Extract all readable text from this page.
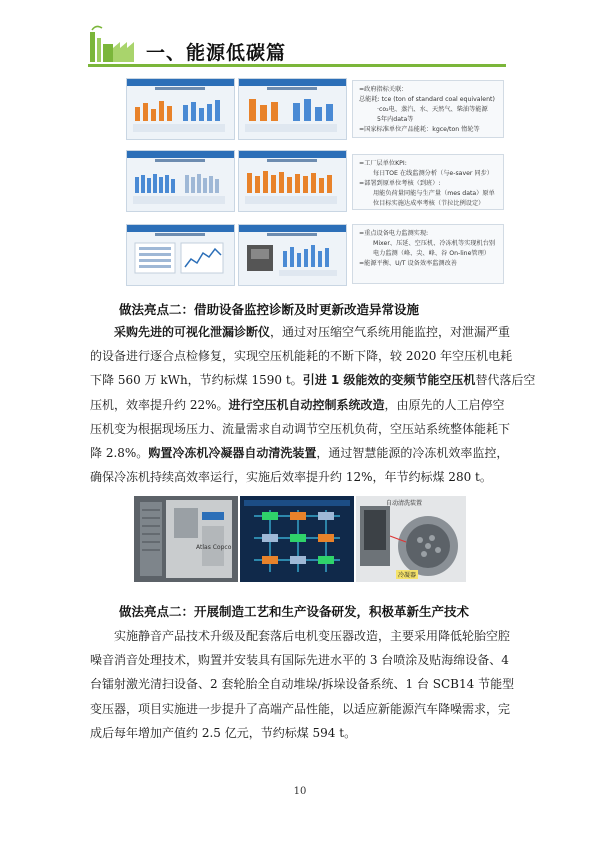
一、能源低碳篇
=政府指标关联：
总能耗: tce (ton of standard coal equivalent)
·co₂电、蒸汽、水、天然气、柴油等能源
5年内data等
=国家标准单位产品能耗：kgce/ton 惰轮等
=工厂层单位KPI:
每日TOE 在线监测分析（与e-saver 同步）
=部署到原单位考核（到班）:
用能负荷量同能与生产量（mes data）原单
位目标实施达成率考核（节拉比例设定）
=重点设备电力监测实现:
Mixer、压延、空压机、冷冻机等实现机台别
电力监测（峰、尖、峰、谷 On-line管理）
=能源平衡、U/T 设备效率监测改善
做法亮点二：借助设备监控诊断及时更新改造异常设施
采购先进的可视化泄漏诊断仪，通过对压缩空气系统用能监控，对泄漏严重
的设备进行逐合点检修复，实现空压机能耗的不断下降，较 2020 年空压机电耗
下降 560 万 kWh，节约标煤 1590 t。引进 1 级能效的变频节能空压机替代落后空
压机，效率提升约 22%。进行空压机自动控制系统改造，由原先的人工启停空
压机变为根据现场压力、流量需求自动调节空压机负荷，空压站系统整体能耗下
降 2.8%。购置冷冻机冷凝器自动清洗装置，通过智慧能源的冷冻机效率监控，
确保冷冻机持续高效率运行，实施后效率提升约 12%，年节约标煤 280 t。
Atlas Copco
自动清洗装置
冷凝器
做法亮点二：开展制造工艺和生产设备研发，积极革新生产技术
实施静音产品技术升级及配套落后电机变压器改造，主要采用降低轮胎空腔
噪音消音处理技术，购置并安装具有国际先进水平的 3 台喷涂及贴海绵设备、4
台镭射激光清扫设备、2 套轮胎全自动堆垛/拆垛设备系统、1 台 SCB14 节能型
变压器，项目实施进一步提升了高端产品性能，以适应新能源汽车降噪需求，完
成后每年增加产值约 2.5 亿元，节约标煤 594 t。
10
